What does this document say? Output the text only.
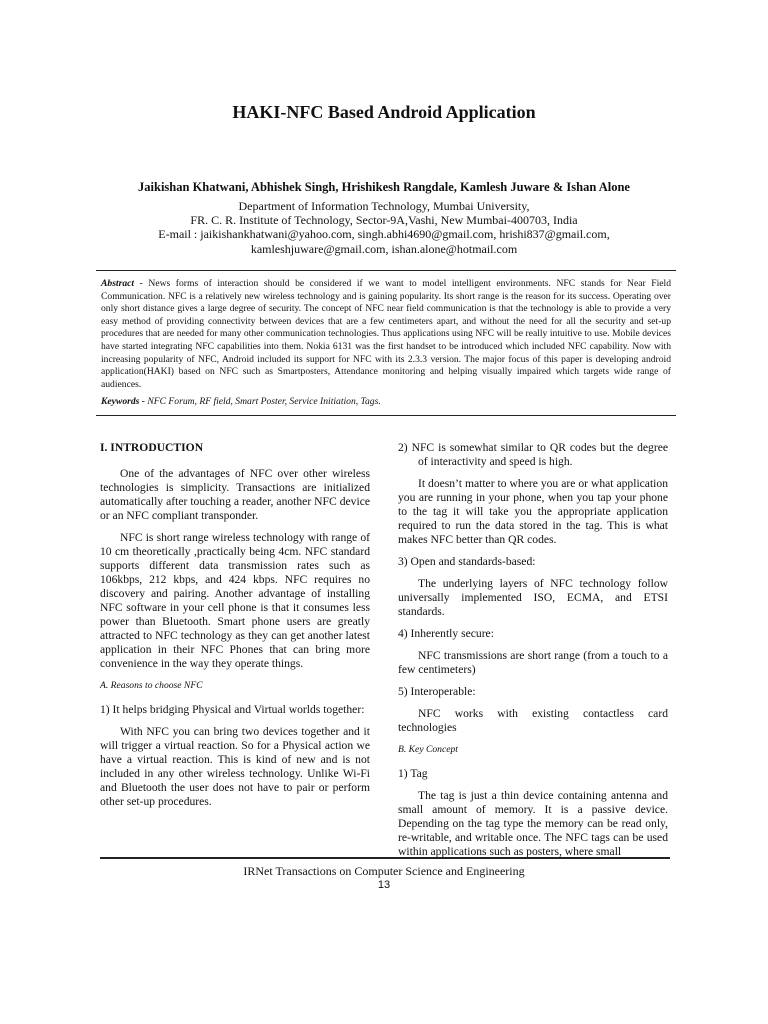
HAKI-NFC Based Android Application
Jaikishan Khatwani, Abhishek Singh, Hrishikesh Rangdale, Kamlesh Juware & Ishan Alone
Department of Information Technology, Mumbai University,
FR. C. R. Institute of Technology, Sector-9A,Vashi, New Mumbai-400703, India
E-mail : jaikishankhatwani@yahoo.com, singh.abhi4690@gmail.com, hrishi837@gmail.com,
kamleshjuware@gmail.com, ishan.alone@hotmail.com
Abstract - News forms of interaction should be considered if we want to model intelligent environments. NFC stands for Near Field Communication. NFC is a relatively new wireless technology and is gaining popularity. Its short range is the reason for its success. Operating over only short distance gives a large degree of security. The concept of NFC near field communication is that the technology is able to provide a very easy method of providing connectivity between devices that are a few centimeters apart, and without the need for all the security and set-up procedures that are needed for many other communication technologies. Thus applications using NFC will be really intuitive to use. Mobile devices have started integrating NFC capabilities into them. Nokia 6131 was the first handset to be introduced which included NFC capability. Now with increasing popularity of NFC, Android included its support for NFC with its 2.3.3 version. The major focus of this paper is developing android application(HAKI) based on NFC such as Smartposters, Attendance monitoring and helping visually impaired which targets wide range of audiences.
Keywords - NFC Forum, RF field, Smart Poster, Service Initiation, Tags.
I. INTRODUCTION

One of the advantages of NFC over other wireless technologies is simplicity. Transactions are initialized automatically after touching a reader, another NFC device or an NFC compliant transponder.

NFC is short range wireless technology with range of 10 cm theoretically ,practically being 4cm. NFC standard supports different data transmission rates such as 106kbps, 212 kbps, and 424 kbps. NFC requires no discovery and pairing. Another advantage of installing NFC software in your cell phone is that it consumes less power than Bluetooth. Smart phone users are greatly attracted to NFC technology as they can get another latest application in their NFC Phones that can bring more convenience in the way they operate things.

A. Reasons to choose NFC
1) It helps bridging Physical and Virtual worlds together:

With NFC you can bring two devices together and it will trigger a virtual reaction. So for a Physical action we have a virtual reaction. This is kind of new and is not included in any other wireless technology. Unlike Wi-Fi and Bluetooth the user does not have to pair or perform other set-up procedures.

2) NFC is somewhat similar to QR codes but the degree of interactivity and speed is high.

It doesn’t matter to where you are or what application you are running in your phone, when you tap your phone to the tag it will take you the appropriate application required to run the data stored in the tag. This is what makes NFC better than QR codes.

3) Open and standards-based:

The underlying layers of NFC technology follow universally implemented ISO, ECMA, and ETSI standards.

4) Inherently secure:

NFC transmissions are short range (from a touch to a few centimeters)

5) Interoperable:

NFC works with existing contactless card technologies

B. Key Concept
1) Tag

The tag is just a thin device containing antenna and small amount of memory. It is a passive device. Depending on the tag type the memory can be read only, re-writable, and writable once. The NFC tags can be used within applications such as posters, where small

IRNet Transactions on Computer Science and Engineering
13
